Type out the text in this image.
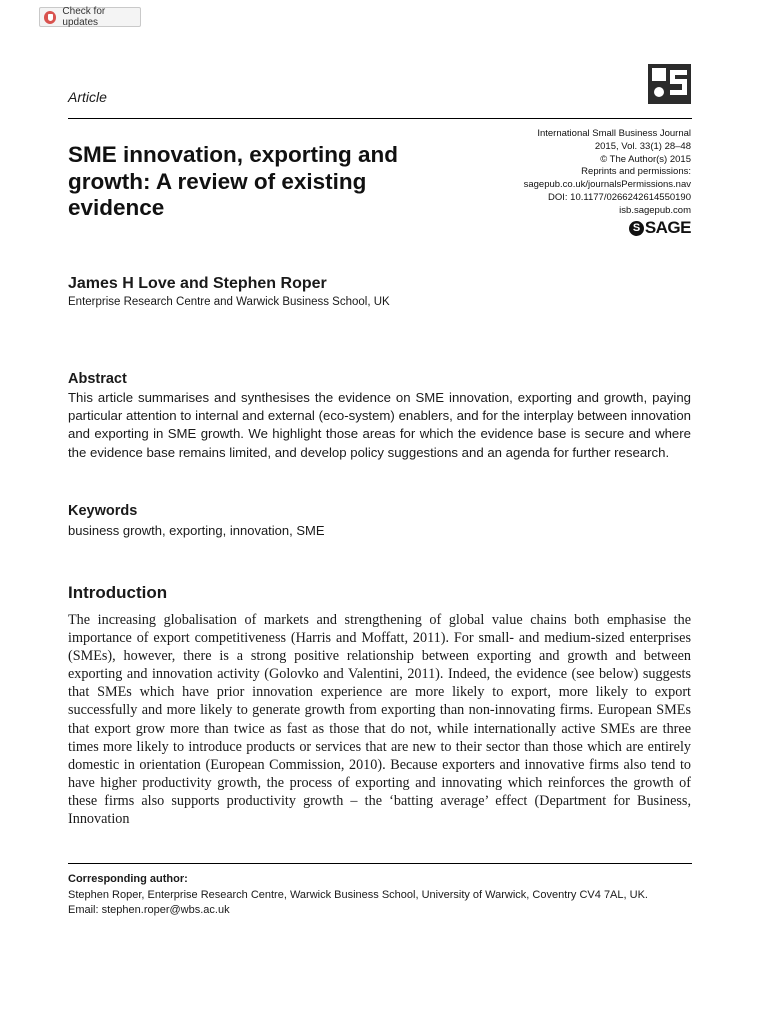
Check for updates
Article
SME innovation, exporting and growth: A review of existing evidence
International Small Business Journal
2015, Vol. 33(1) 28–48
© The Author(s) 2015
Reprints and permissions:
sagepub.co.uk/journalsPermissions.nav
DOI: 10.1177/0266242614550190
isb.sagepub.com
S SAGE
James H Love and Stephen Roper
Enterprise Research Centre and Warwick Business School, UK
Abstract

This article summarises and synthesises the evidence on SME innovation, exporting and growth, paying particular attention to internal and external (eco-system) enablers, and for the interplay between innovation and exporting in SME growth. We highlight those areas for which the evidence base is secure and where the evidence base remains limited, and develop policy suggestions and an agenda for further research.

Keywords
business growth, exporting, innovation, SME
Introduction

The increasing globalisation of markets and strengthening of global value chains both emphasise the importance of export competitiveness (Harris and Moffatt, 2011). For small- and medium-sized enterprises (SMEs), however, there is a strong positive relationship between exporting and growth and between exporting and innovation activity (Golovko and Valentini, 2011). Indeed, the evidence (see below) suggests that SMEs which have prior innovation experience are more likely to export, more likely to export successfully and more likely to generate growth from exporting than non-innovating firms. European SMEs that export grow more than twice as fast as those that do not, while internationally active SMEs are three times more likely to introduce products or services that are new to their sector than those which are entirely domestic in orientation (European Commission, 2010). Because exporters and innovative firms also tend to have higher productivity growth, the process of exporting and innovating which reinforces the growth of these firms also supports productivity growth – the ‘batting average’ effect (Department for Business, Innovation

Corresponding author:
Stephen Roper, Enterprise Research Centre, Warwick Business School, University of Warwick, Coventry CV4 7AL, UK.
Email: stephen.roper@wbs.ac.uk
